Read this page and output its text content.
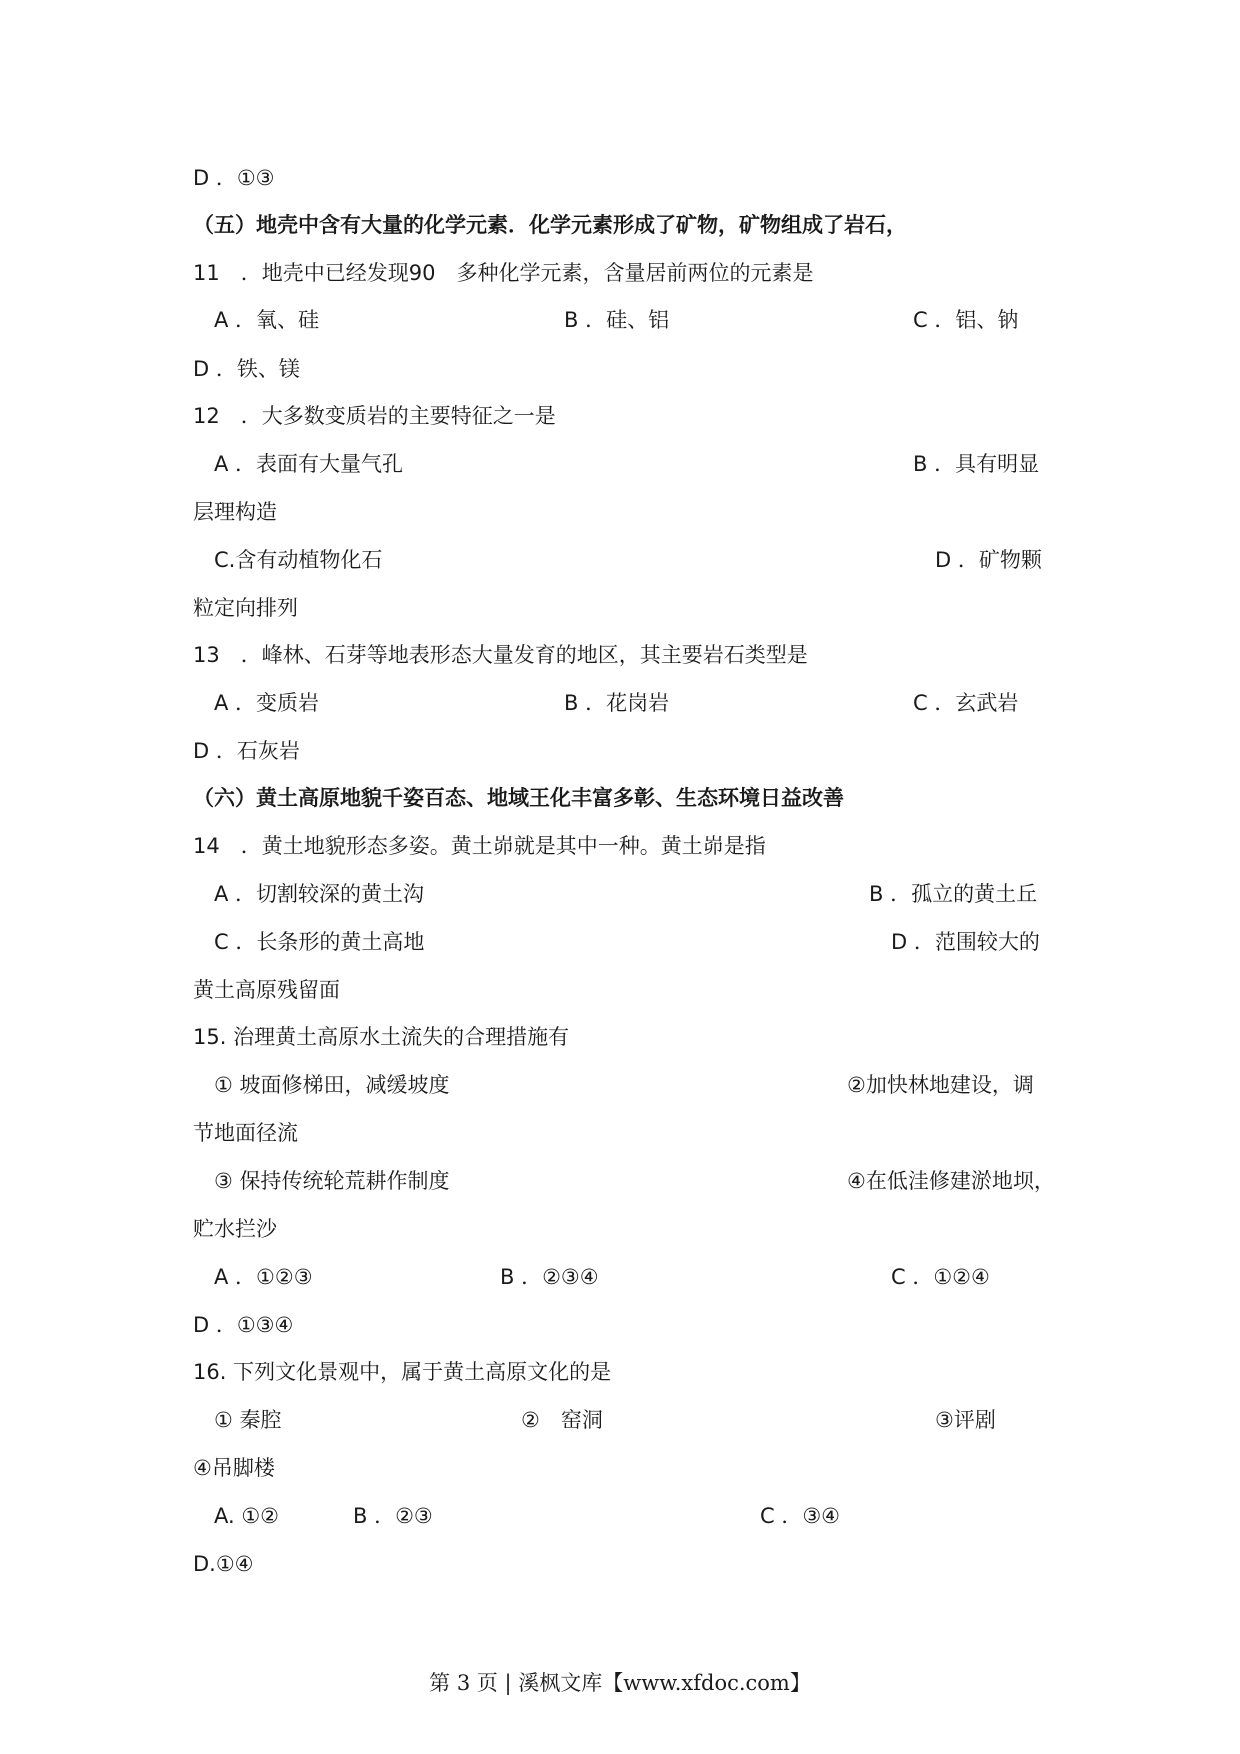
D ．①③
（五）地壳中含有大量的化学元素．化学元素形成了矿物，矿物组成了岩石，
11　．地壳中已经发现90　多种化学元素，含量居前两位的元素是
A ．氧、硅	B ．硅、铝	C ．铝、钠
D ．铁、镁
12　．大多数变质岩的主要特征之一是
A ．表面有大量气孔	B ．具有明显
层理构造
C.含有动植物化石	D ．矿物颗
粒定向排列
13　．峰林、石芽等地表形态大量发育的地区，其主要岩石类型是
A ．变质岩	B ．花岗岩	C ．玄武岩
D ．石灰岩
（六）黄土高原地貌千姿百态、地域王化丰富多彰、生态环境日益改善
14　．黄土地貌形态多姿。黄土峁就是其中一种。黄土峁是指
A ．切割较深的黄土沟	B ．孤立的黄土丘
C ．长条形的黄土高地	D ．范围较大的
黄土高原残留面
15. 治理黄土高原水土流失的合理措施有
① 坡面修梯田，减缓坡度	②加快林地建设，调
节地面径流
③ 保持传统轮荒耕作制度	④在低洼修建淤地坝，
贮水拦沙
A ．①②③	B ．②③④	C ．①②④
D ．①③④
16. 下列文化景观中，属于黄土高原文化的是
① 秦腔	②　窑洞	③评剧
④吊脚楼
A. ①②	B ．②③	C ．③④
D.①④
第 3 页 | 溪枫文库【www.xfdoc.com】
